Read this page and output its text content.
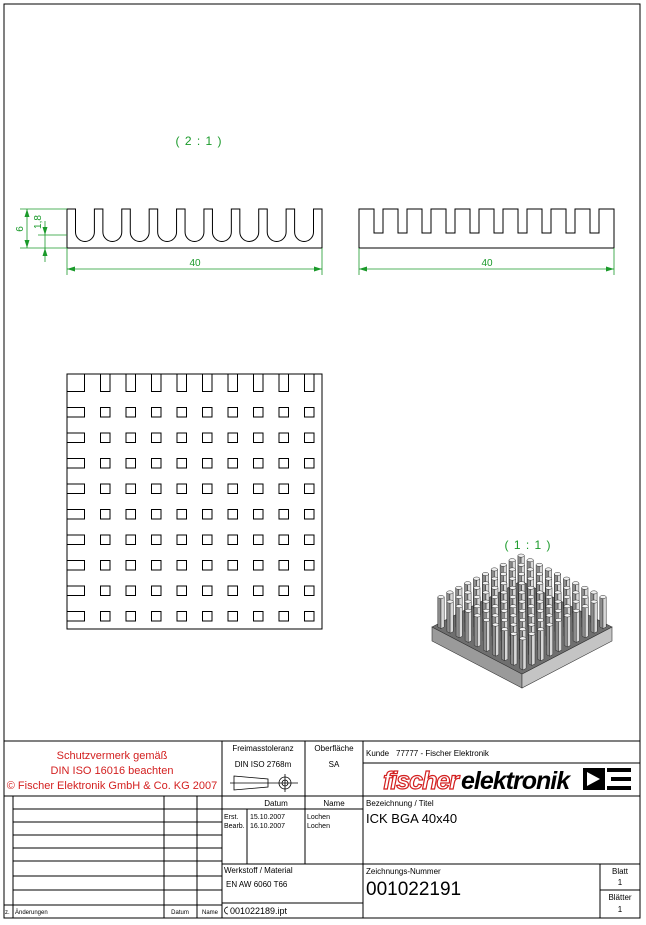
( 2 : 1 )
( 1 : 1 )
40	40
6
1,8
Schutzvermerk gemäß
DIN ISO 16016 beachten
© Fischer Elektronik GmbH & Co. KG 2007
Freimasstoleranz
DIN ISO 2768m
Oberfläche
SA
Kunde 77777 - Fischer Elektronik
fischer elektronik
Datum	Name
Erst. 15.10.2007	Lochen
Bearb. 16.10.2007	Lochen
Bezeichnung / Titel
ICK BGA 40x40
Werkstoff / Material
EN AW 6060 T66
Zeichnungs-Nummer
001022191
Blatt
1
Blätter
1
z. Änderungen	Datum Name 001022189.ipt
